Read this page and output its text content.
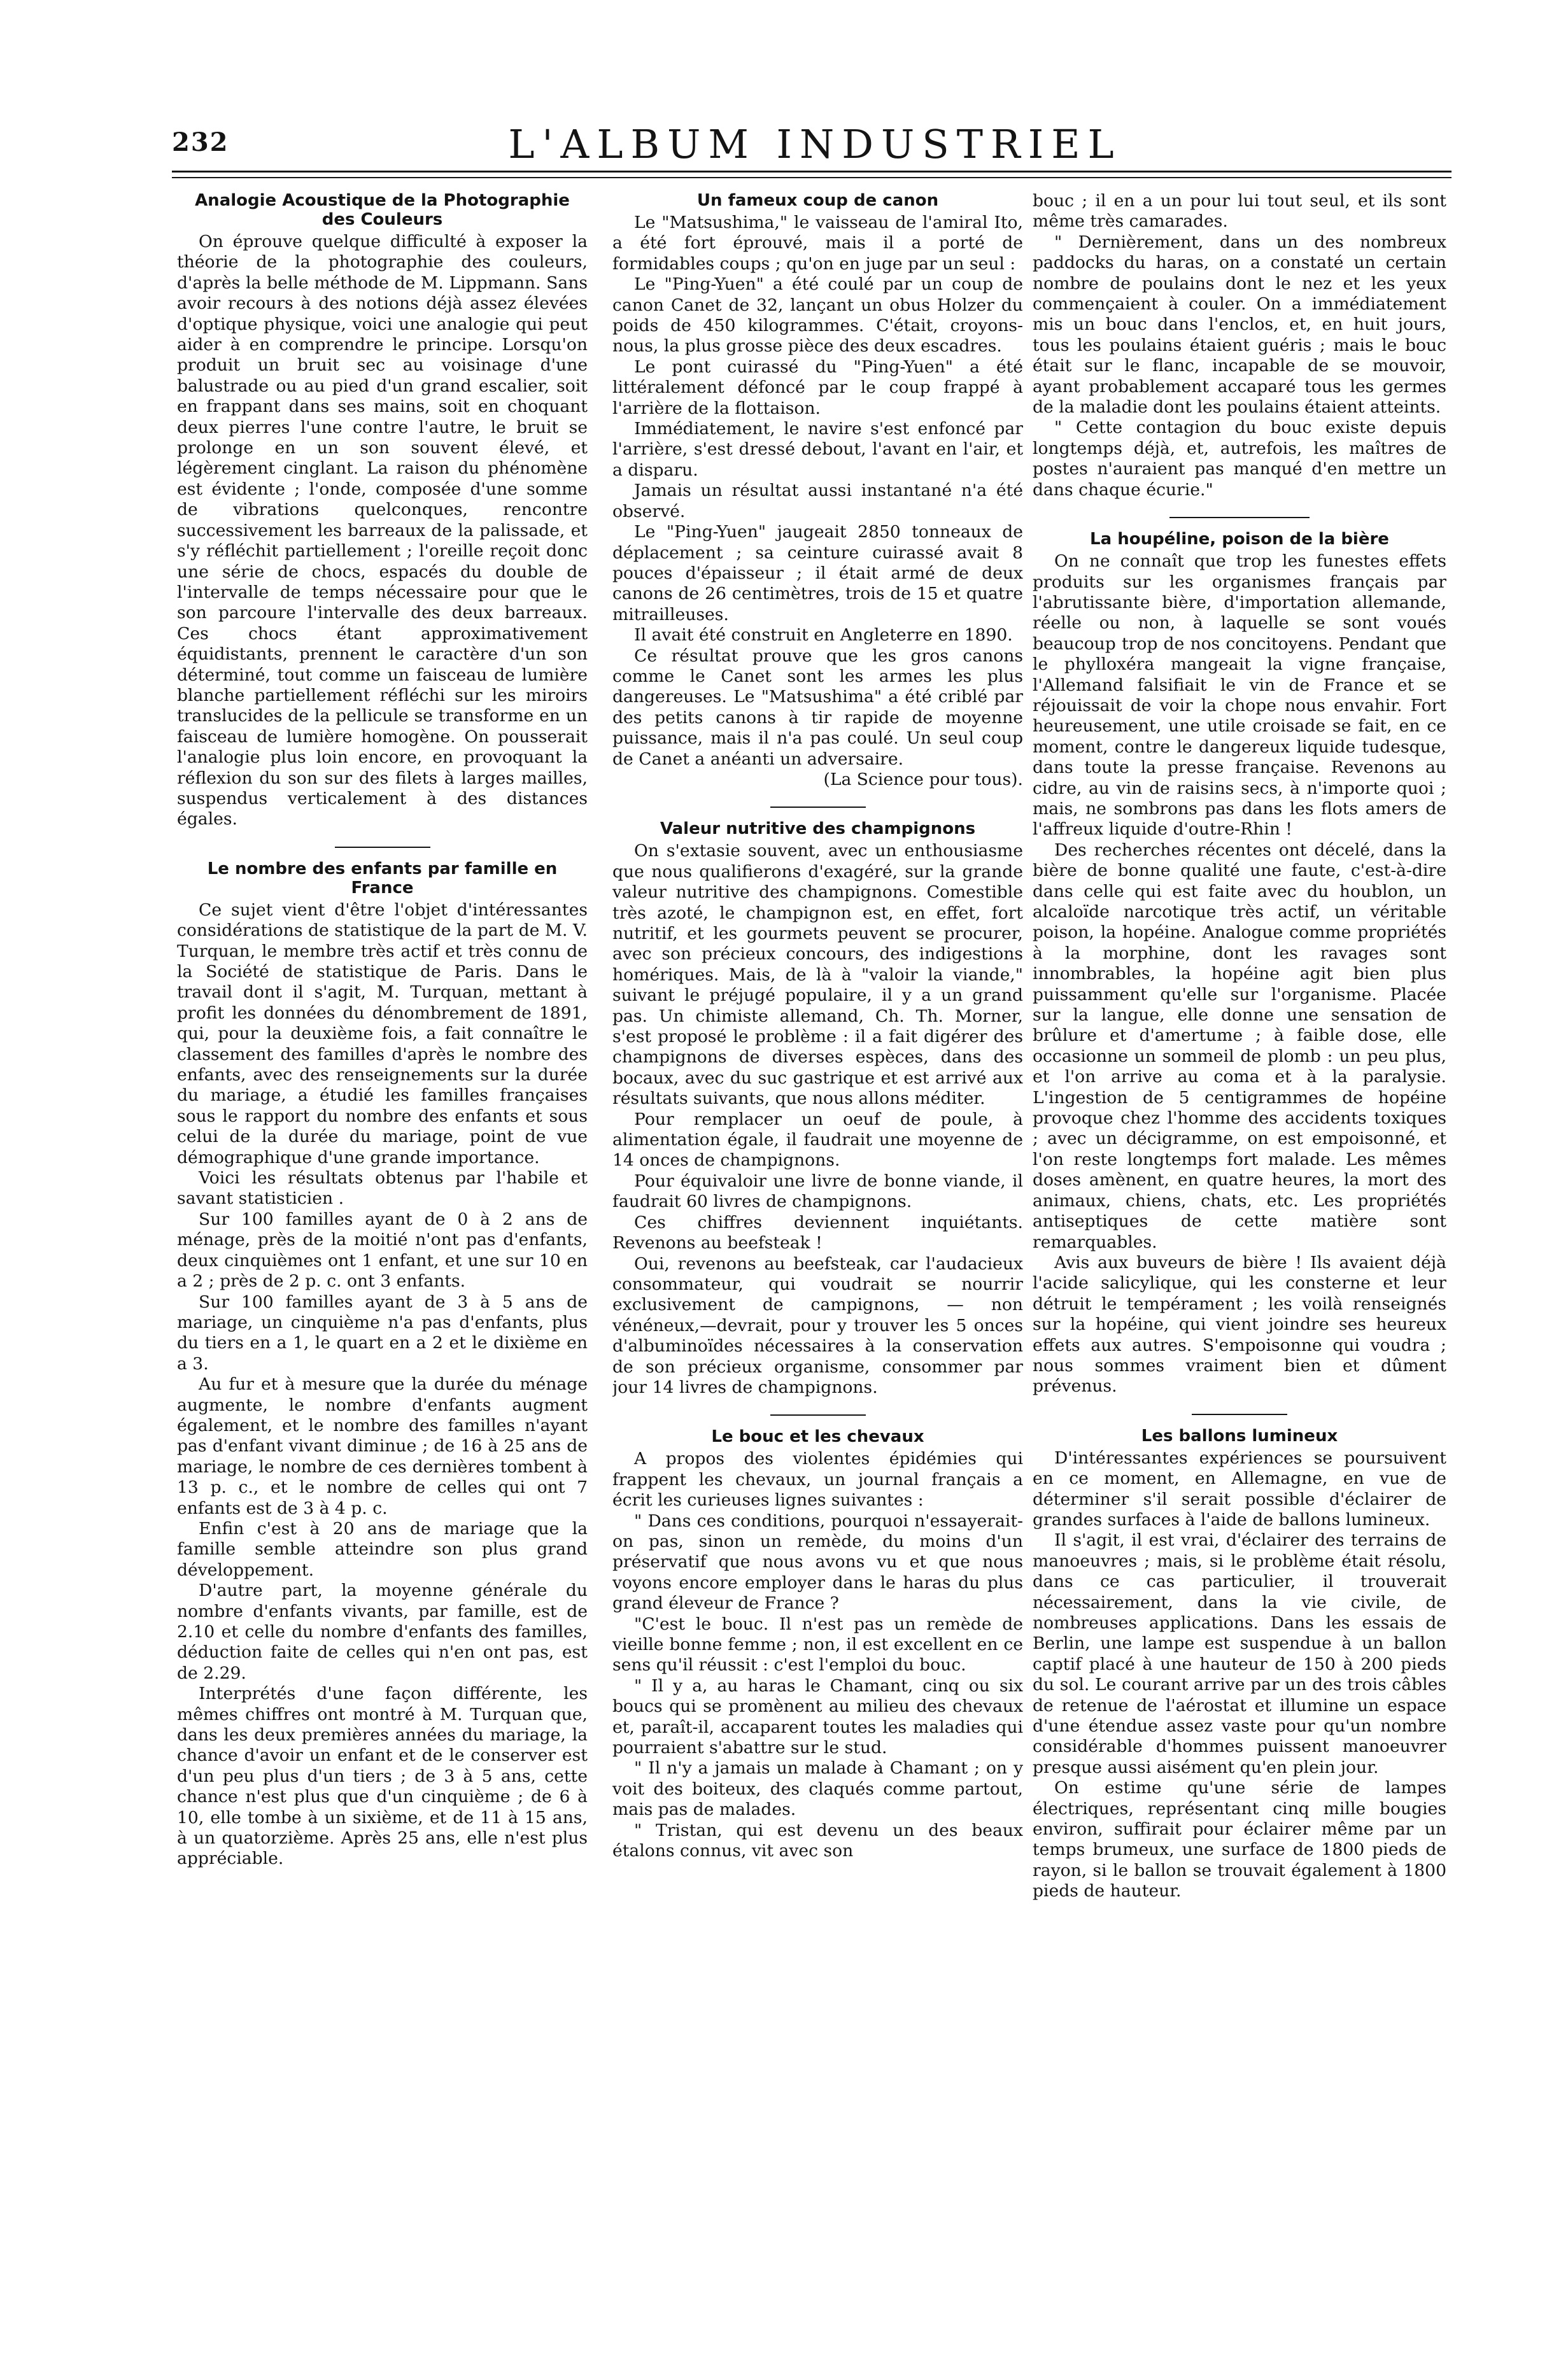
232	L'ALBUM INDUSTRIEL
Analogie Acoustique de la Photographie des Couleurs

On éprouve quelque difficulté à exposer la théorie de la photographie des couleurs, d'après la belle méthode de M. Lippmann. Sans avoir recours à des notions déjà assez élevées d'optique physique, voici une analogie qui peut aider à en comprendre le principe. Lorsqu'on produit un bruit sec au voisinage d'une balustrade ou au pied d'un grand escalier, soit en frappant dans ses mains, soit en choquant deux pierres l'une contre l'autre, le bruit se prolonge en un son souvent élevé, et légèrement cinglant. La raison du phénomène est évidente ; l'onde, composée d'une somme de vibrations quelconques, rencontre successivement les barreaux de la palissade, et s'y réfléchit partiellement ; l'oreille reçoit donc une série de chocs, espacés du double de l'intervalle de temps nécessaire pour que le son parcoure l'intervalle des deux barreaux. Ces chocs étant approximativement équidistants, prennent le caractère d'un son déterminé, tout comme un faisceau de lumière blanche partiellement réfléchi sur les miroirs translucides de la pellicule se transforme en un faisceau de lumière homogène. On pousserait l'analogie plus loin encore, en provoquant la réflexion du son sur des filets à larges mailles, suspendus verticalement à des distances égales.

Le nombre des enfants par famille en France

Ce sujet vient d'être l'objet d'intéressantes considérations de statistique de la part de M. V. Turquan, le membre très actif et très connu de la Société de statistique de Paris. Dans le travail dont il s'agit, M. Turquan, mettant à profit les données du dénombrement de 1891, qui, pour la deuxième fois, a fait connaître le classement des familles d'après le nombre des enfants, avec des renseignements sur la durée du mariage, a étudié les familles françaises sous le rapport du nombre des enfants et sous celui de la durée du mariage, point de vue démographique d'une grande importance.

Voici les résultats obtenus par l'habile et savant statisticien .

Sur 100 familles ayant de 0 à 2 ans de ménage, près de la moitié n'ont pas d'enfants, deux cinquièmes ont 1 enfant, et une sur 10 en a 2 ; près de 2 p. c. ont 3 enfants.

Sur 100 familles ayant de 3 à 5 ans de mariage, un cinquième n'a pas d'enfants, plus du tiers en a 1, le quart en a 2 et le dixième en a 3.

Au fur et à mesure que la durée du ménage augmente, le nombre d'enfants augment également, et le nombre des familles n'ayant pas d'enfant vivant diminue ; de 16 à 25 ans de mariage, le nombre de ces dernières tombent à 13 p. c., et le nombre de celles qui ont 7 enfants est de 3 à 4 p. c.

Enfin c'est à 20 ans de mariage que la famille semble atteindre son plus grand développement.

D'autre part, la moyenne générale du nombre d'enfants vivants, par famille, est de 2.10 et celle du nombre d'enfants des familles, déduction faite de celles qui n'en ont pas, est de 2.29.

Interprétés d'une façon différente, les mêmes chiffres ont montré à M. Turquan que, dans les deux premières années du mariage, la chance d'avoir un enfant et de le conserver est d'un peu plus d'un tiers ; de 3 à 5 ans, cette chance n'est plus que d'un cinquième ; de 6 à 10, elle tombe à un sixième, et de 11 à 15 ans, à un quatorzième. Après 25 ans, elle n'est plus appréciable.

Un fameux coup de canon

Le "Matsushima," le vaisseau de l'amiral Ito, a été fort éprouvé, mais il a porté de formidables coups ; qu'on en juge par un seul :

Le "Ping-Yuen" a été coulé par un coup de canon Canet de 32, lançant un obus Holzer du poids de 450 kilogrammes. C'était, croyons-nous, la plus grosse pièce des deux escadres.

Le pont cuirassé du "Ping-Yuen" a été littéralement défoncé par le coup frappé à l'arrière de la flottaison.

Immédiatement, le navire s'est enfoncé par l'arrière, s'est dressé debout, l'avant en l'air, et a disparu.

Jamais un résultat aussi instantané n'a été observé.

Le "Ping-Yuen" jaugeait 2850 tonneaux de déplacement ; sa ceinture cuirassé avait 8 pouces d'épaisseur ; il était armé de deux canons de 26 centimètres, trois de 15 et quatre mitrailleuses.

Il avait été construit en Angleterre en 1890.

Ce résultat prouve que les gros canons comme le Canet sont les armes les plus dangereuses. Le "Matsushima" a été criblé par des petits canons à tir rapide de moyenne puissance, mais il n'a pas coulé. Un seul coup de Canet a anéanti un adversaire.

(La Science pour tous).

Valeur nutritive des champignons

On s'extasie souvent, avec un enthousiasme que nous qualifierons d'exagéré, sur la grande valeur nutritive des champignons. Comestible très azoté, le champignon est, en effet, fort nutritif, et les gourmets peuvent se procurer, avec son précieux concours, des indigestions homériques. Mais, de là à "valoir la viande," suivant le préjugé populaire, il y a un grand pas. Un chimiste allemand, Ch. Th. Morner, s'est proposé le problème : il a fait digérer des champignons de diverses espèces, dans des bocaux, avec du suc gastrique et est arrivé aux résultats suivants, que nous allons méditer.

Pour remplacer un oeuf de poule, à alimentation égale, il faudrait une moyenne de 14 onces de champignons.

Pour équivaloir une livre de bonne viande, il faudrait 60 livres de champignons.

Ces chiffres deviennent inquiétants. Revenons au beefsteak !

Oui, revenons au beefsteak, car l'audacieux consommateur, qui voudrait se nourrir exclusivement de campignons, — non vénéneux,—devrait, pour y trouver les 5 onces d'albuminoïdes nécessaires à la conservation de son précieux organisme, consommer par jour 14 livres de champignons.

Le bouc et les chevaux

A propos des violentes épidémies qui frappent les chevaux, un journal français a écrit les curieuses lignes suivantes :

" Dans ces conditions, pourquoi n'essayerait-on pas, sinon un remède, du moins d'un préservatif que nous avons vu et que nous voyons encore employer dans le haras du plus grand éleveur de France ?

"C'est le bouc. Il n'est pas un remède de vieille bonne femme ; non, il est excellent en ce sens qu'il réussit : c'est l'emploi du bouc.

" Il y a, au haras le Chamant, cinq ou six boucs qui se promènent au milieu des chevaux et, paraît-il, accaparent toutes les maladies qui pourraient s'abattre sur le stud.

" Il n'y a jamais un malade à Chamant ; on y voit des boiteux, des claqués comme partout, mais pas de malades.

" Tristan, qui est devenu un des beaux étalons connus, vit avec son

bouc ; il en a un pour lui tout seul, et ils sont même très camarades.

" Dernièrement, dans un des nombreux paddocks du haras, on a constaté un certain nombre de poulains dont le nez et les yeux commençaient à couler. On a immédiatement mis un bouc dans l'enclos, et, en huit jours, tous les poulains étaient guéris ; mais le bouc était sur le flanc, incapable de se mouvoir, ayant probablement accaparé tous les germes de la maladie dont les poulains étaient atteints.

" Cette contagion du bouc existe depuis longtemps déjà, et, autrefois, les maîtres de postes n'auraient pas manqué d'en mettre un dans chaque écurie."

La houpéline, poison de la bière

On ne connaît que trop les funestes effets produits sur les organismes français par l'abrutissante bière, d'importation allemande, réelle ou non, à laquelle se sont voués beaucoup trop de nos concitoyens. Pendant que le phylloxéra mangeait la vigne française, l'Allemand falsifiait le vin de France et se réjouissait de voir la chope nous envahir. Fort heureusement, une utile croisade se fait, en ce moment, contre le dangereux liquide tudesque, dans toute la presse française. Revenons au cidre, au vin de raisins secs, à n'importe quoi ; mais, ne sombrons pas dans les flots amers de l'affreux liquide d'outre-Rhin !

Des recherches récentes ont décelé, dans la bière de bonne qualité une faute, c'est-à-dire dans celle qui est faite avec du houblon, un alcaloïde narcotique très actif, un véritable poison, la hopéine. Analogue comme propriétés à la morphine, dont les ravages sont innombrables, la hopéine agit bien plus puissamment qu'elle sur l'organisme. Placée sur la langue, elle donne une sensation de brûlure et d'amertume ; à faible dose, elle occasionne un sommeil de plomb : un peu plus, et l'on arrive au coma et à la paralysie. L'ingestion de 5 centigrammes de hopéine provoque chez l'homme des accidents toxiques ; avec un décigramme, on est empoisonné, et l'on reste longtemps fort malade. Les mêmes doses amènent, en quatre heures, la mort des animaux, chiens, chats, etc. Les propriétés antiseptiques de cette matière sont remarquables.

Avis aux buveurs de bière ! Ils avaient déjà l'acide salicylique, qui les consterne et leur détruit le tempérament ; les voilà renseignés sur la hopéine, qui vient joindre ses heureux effets aux autres. S'empoisonne qui voudra ; nous sommes vraiment bien et dûment prévenus.

Les ballons lumineux

D'intéressantes expériences se poursuivent en ce moment, en Allemagne, en vue de déterminer s'il serait possible d'éclairer de grandes surfaces à l'aide de ballons lumineux.

Il s'agit, il est vrai, d'éclairer des terrains de manoeuvres ; mais, si le problème était résolu, dans ce cas particulier, il trouverait nécessairement, dans la vie civile, de nombreuses applications. Dans les essais de Berlin, une lampe est suspendue à un ballon captif placé à une hauteur de 150 à 200 pieds du sol. Le courant arrive par un des trois câbles de retenue de l'aérostat et illumine un espace d'une étendue assez vaste pour qu'un nombre considérable d'hommes puissent manoeuvrer presque aussi aisément qu'en plein jour.

On estime qu'une série de lampes électriques, représentant cinq mille bougies environ, suffirait pour éclairer même par un temps brumeux, une surface de 1800 pieds de rayon, si le ballon se trouvait également à 1800 pieds de hauteur.
